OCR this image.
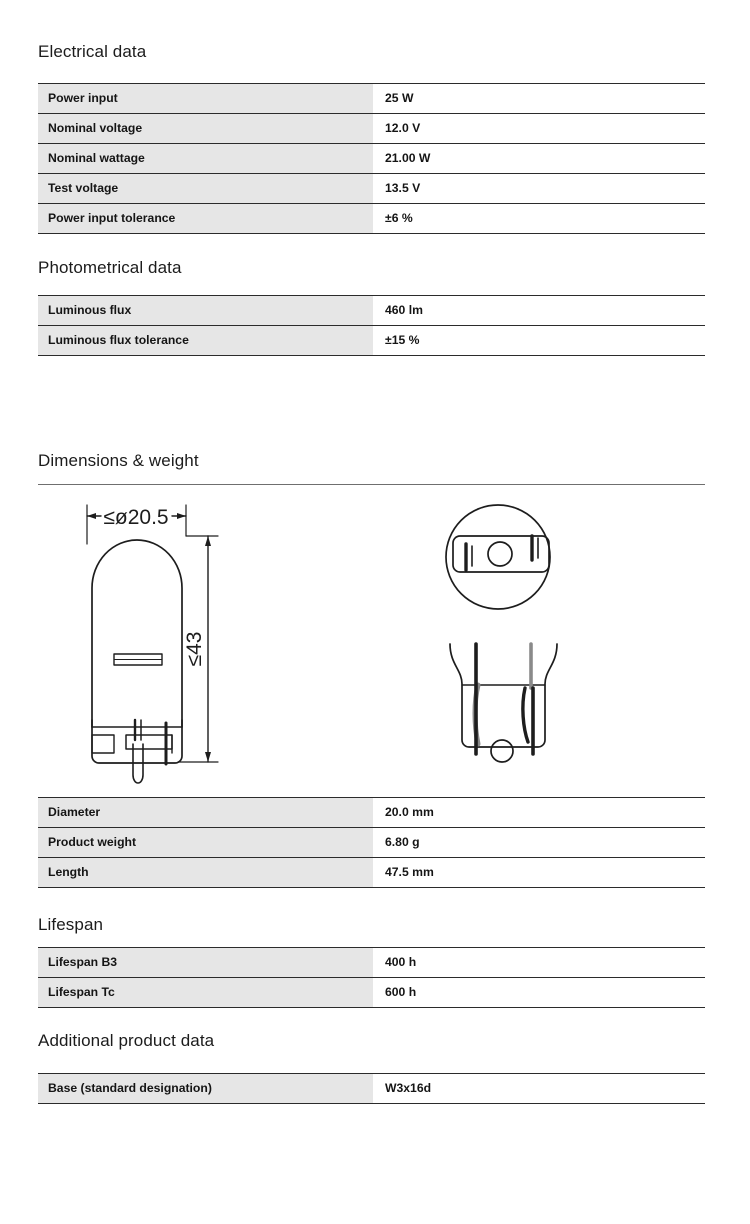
Electrical data
Power input	25 W
Nominal voltage	12.0 V
Nominal wattage	21.00 W
Test voltage	13.5 V
Power input tolerance	±6 %
Photometrical data
Luminous flux	460 lm
Luminous flux tolerance	±15 %
Dimensions & weight
≤ø20.5
≤43
Diameter	20.0 mm
Product weight	6.80 g
Length	47.5 mm
Lifespan
Lifespan B3	400 h
Lifespan Tc	600 h
Additional product data
Base (standard designation)	W3x16d
